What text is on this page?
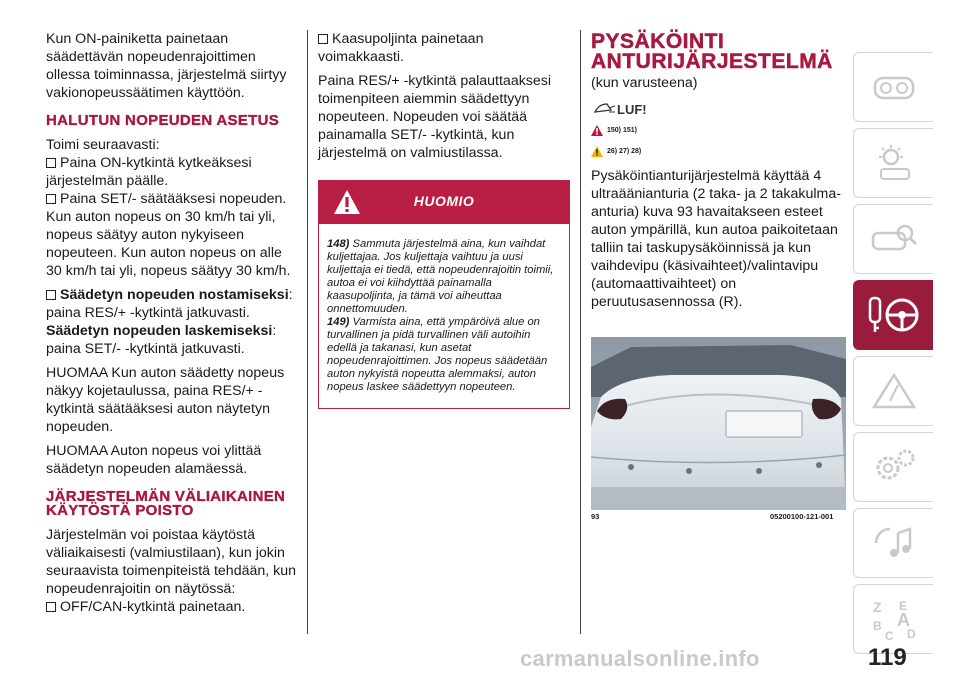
Kun ON-painiketta painetaan säädettävän nopeudenrajoittimen ollessa toiminnassa, järjestelmä siirtyy vakionopeussäätimen käyttöön.

HALUTUN NOPEUDEN ASETUS

Toimi seuraavasti:

Paina ON-kytkintä kytkeäksesi järjestelmän päälle.

Paina SET/- säätääksesi nopeuden.

Kun auton nopeus on 30 km/h tai yli, nopeus säätyy auton nykyiseen nopeuteen. Kun auton nopeus on alle 30 km/h tai yli, nopeus säätyy 30 km/h.

Säädetyn nopeuden nostamiseksi: paina RES/+ -kytkintä jatkuvasti. Säädetyn nopeuden laskemiseksi: paina SET/- -kytkintä jatkuvasti.

HUOMAA Kun auton säädetty nopeus näkyy kojetaulussa, paina RES/+ -kytkintä säätääksesi auton näytetyn nopeuden.

HUOMAA Auton nopeus voi ylittää säädetyn nopeuden alamäessä.

JÄRJESTELMÄN VÄLIAIKAINEN KÄYTÖSTÄ POISTO

Järjestelmän voi poistaa käytöstä väliaikaisesti (valmiustilaan), kun jokin seuraavista toimenpiteistä tehdään, kun nopeudenrajoitin on näytössä:

OFF/CAN-kytkintä painetaan.

Kaasupoljinta painetaan voimakkaasti.

Paina RES/+ -kytkintä palauttaaksesi toimenpiteen aiemmin säädettyyn nopeuteen. Nopeuden voi säätää painamalla SET/- -kytkintä, kun järjestelmä on valmiustilassa.

HUOMIO

148) Sammuta järjestelmä aina, kun vaihdat kuljettajaa. Jos kuljettaja vaihtuu ja uusi kuljettaja ei tiedä, että nopeudenrajoitin toimii, autoa ei voi kiihdyttää painamalla kaasupoljinta, ja tämä voi aiheuttaa onnettomuuden.

149) Varmista aina, että ympäröivä alue on turvallinen ja pidä turvallinen väli autoihin edellä ja takanasi, kun asetat nopeudenrajoittimen. Jos nopeus säädetään auton nykyistä nopeutta alemmaksi, auton nopeus laskee säädettyyn nopeuteen.

PYSÄKÖINTI ANTURIJÄRJESTELMÄ

(kun varusteena)

LUF!
150) 151)
26) 27) 28)

Pysäköintianturijärjestelmä käyttää 4 ultraäänianturia (2 taka- ja 2 takakulma-anturia) kuva 93 havaitakseen esteet auton ympärillä, kun autoa paikoitetaan talliin tai taskupysäköinnissä ja kun vaihdevipu (käsivaihteet)/valintavipu (automaattivaihteet) on peruutusasennossa (R).

93	05200100-121-001
Z E
B A
C D
carmanualsonline.info	119
